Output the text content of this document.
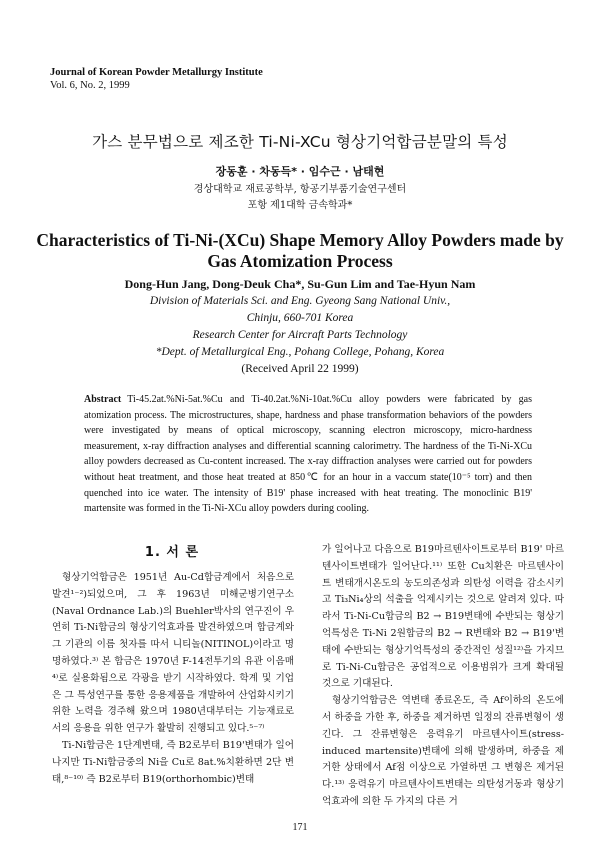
Journal of Korean Powder Metallurgy Institute
Vol. 6, No. 2, 1999
가스 분무법으로 제조한 Ti-Ni-XCu 형상기억합금분말의 특성
장동훈 · 차동득* · 임수근 · 남태현
경상대학교 재료공학부, 항공기부품기술연구센터
포항 제1대학 금속학과*
Characteristics of Ti-Ni-(XCu) Shape Memory Alloy Powders made by Gas Atomization Process
Dong-Hun Jang, Dong-Deuk Cha*, Su-Gun Lim and Tae-Hyun Nam
Division of Materials Sci. and Eng. Gyeong Sang National Univ.,
Chinju, 660-701 Korea
Research Center for Aircraft Parts Technology
*Dept. of Metallurgical Eng., Pohang College, Pohang, Korea
(Received April 22 1999)
Abstract Ti-45.2at.%Ni-5at.%Cu and Ti-40.2at.%Ni-10at.%Cu alloy powders were fabricated by gas atomization process. The microstructures, shape, hardness and phase transformation behaviors of the powders were investigated by means of optical microscopy, scanning electron microscopy, micro-hardness measurement, x-ray diffraction analyses and differential scanning calorimetry. The hardness of the Ti-Ni-XCu alloy powders decreased as Cu-content increased. The x-ray diffraction analyses were carried out for powders without heat treatment, and those heat treated at 850℃ for an hour in a vaccum state(10⁻⁵ torr) and then quenched into ice water. The intensity of B19' phase increased with heat treating. The monoclinic B19' martensite was formed in the Ti-Ni-XCu alloy powders during cooling.
1. 서 론

형상기억합금은 1951년 Au-Cd합금계에서 처음으로 발견¹⁻²)되었으며, 그 후 1963년 미해군병기연구소(Naval Ordnance Lab.)의 Buehler박사의 연구진이 우연히 Ti-Ni합금의 형상기억효과를 발견하였으며 합금계와 그 기관의 이름 첫자를 따서 니티놀(NITINOL)이라고 명명하였다.³⁾ 본 합금은 1970년 F-14전투기의 유관 이음매⁴⁾로 실용화됨으로 각광을 받기 시작하였다. 학계 및 기업은 그 특성연구를 통한 응용제품을 개발하여 산업화시키기 위한 노력을 경주해 왔으며 1980년대부터는 기능재료로서의 응용을 위한 연구가 활발히 진행되고 있다.⁵⁻⁷⁾

Ti-Ni합금은 1단계변태, 즉 B2로부터 B19'변태가 일어나지만 Ti-Ni합금중의 Ni을 Cu로 8at.%치환하면 2단 변태,⁸⁻¹⁰⁾ 즉 B2로부터 B19(orthorhombic)변태

가 일어나고 다음으로 B19마르텐사이트로부터 B19' 마르텐사이트변태가 일어난다.¹¹⁾ 또한 Cu치환은 마르텐사이트 변태개시온도의 농도의존성과 의탄성 이력을 감소시키고 Ti₃Ni₄상의 석출을 억제시키는 것으로 알려져 있다. 따라서 Ti-Ni-Cu합금의 B2 → B19변태에 수반되는 형상기억특성은 Ti-Ni 2원합금의 B2 → R변태와 B2 → B19'변태에 수반되는 형상기억특성의 중간적인 성질¹²⁾을 가지므로 Ti-Ni-Cu합금은 공업적으로 이용범위가 크게 확대될 것으로 기대된다.

형상기억합금은 역변태 종료온도, 즉 Af이하의 온도에서 하중을 가한 후, 하중을 제거하면 일정의 잔류변형이 생긴다. 그 잔류변형은 응력유기 마르텐사이트(stress-induced martensite)변태에 의해 발생하며, 하중을 제거한 상태에서 Af점 이상으로 가열하면 그 변형은 제거된다.¹³⁾ 응력유기 마르텐사이트변태는 의탄성거동과 형상기억효과에 의한 두 가지의 다른 거

171
